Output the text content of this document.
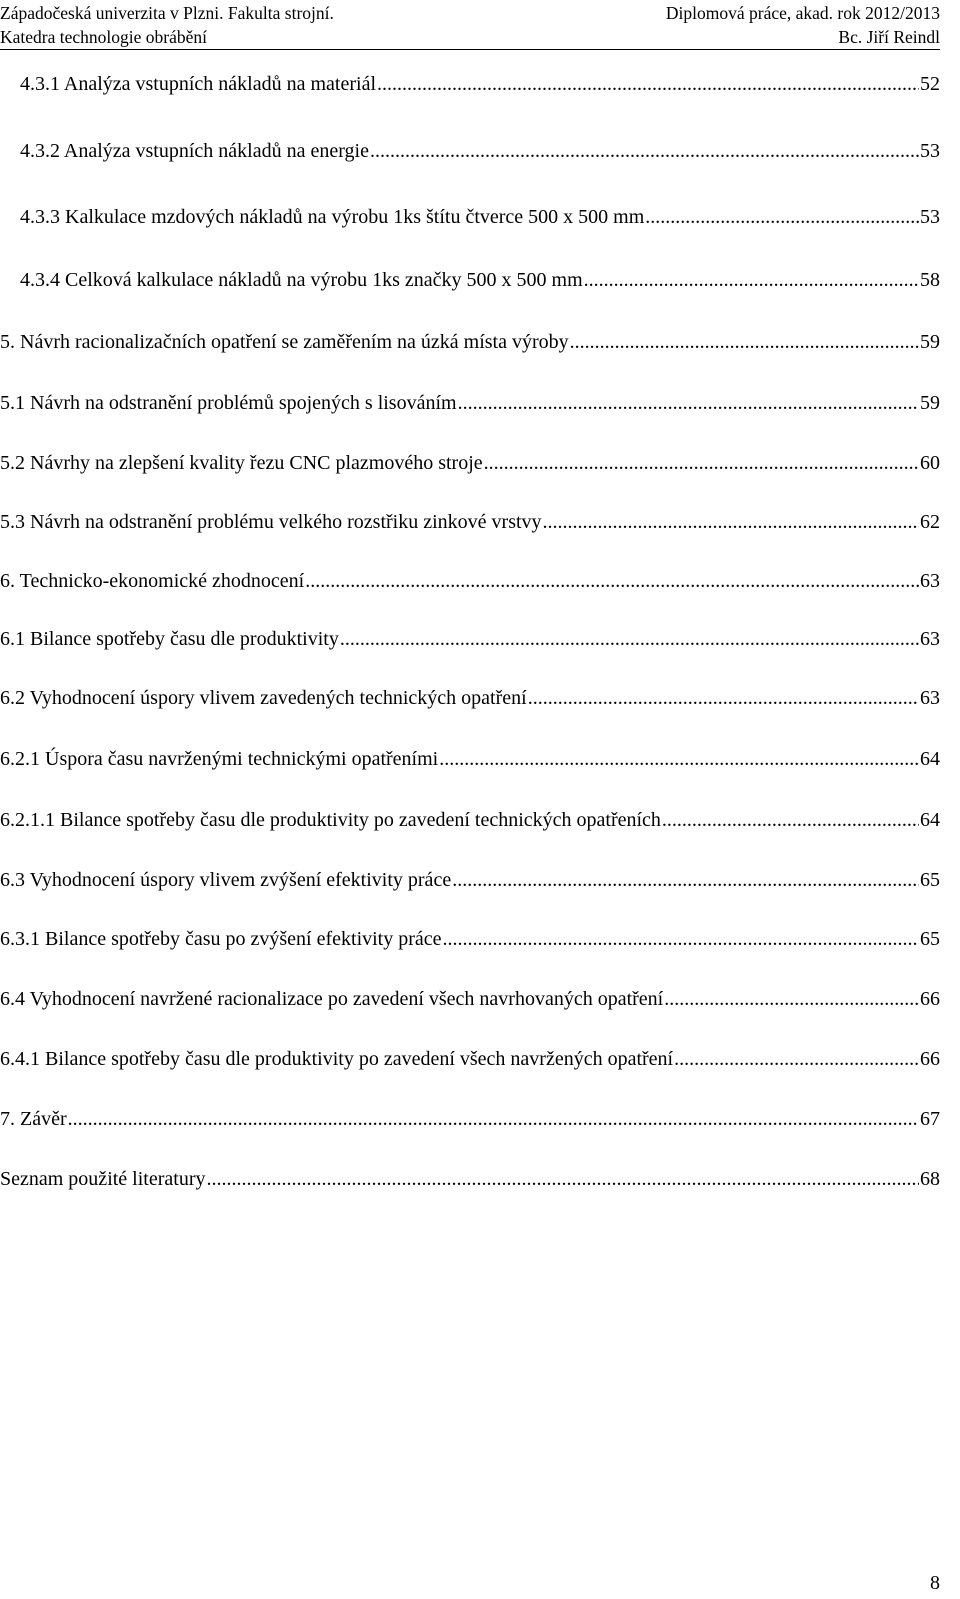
Západočeská univerzita v Plzni. Fakulta strojní.	Diplomová práce, akad. rok 2012/2013
Katedra technologie obrábění	Bc. Jiří Reindl
4.3.1 Analýza vstupních nákladů na materiál .....	52
4.3.2 Analýza vstupních nákladů na energie .....	53
4.3.3 Kalkulace mzdových nákladů na výrobu 1ks štítu čtverce 500 x 500 mm .....	53
4.3.4 Celková kalkulace nákladů na výrobu 1ks značky 500 x 500 mm .....	58
5. Návrh racionalizačních opatření se zaměřením na úzká místa výroby .....	59
5.1 Návrh na odstranění problémů spojených s lisováním .....	59
5.2 Návrhy na zlepšení kvality řezu CNC plazmového stroje .....	60
5.3 Návrh na odstranění problému velkého rozstřiku zinkové vrstvy .....	62
6. Technicko-ekonomické zhodnocení .....	63
6.1 Bilance spotřeby času dle produktivity .....	63
6.2 Vyhodnocení úspory vlivem zavedených technických opatření .....	63
6.2.1 Úspora času navrženými technickými opatřeními .....	64
6.2.1.1 Bilance spotřeby času dle produktivity po zavedení technických opatřeních .....	64
6.3 Vyhodnocení úspory vlivem zvýšení efektivity práce .....	65
6.3.1 Bilance spotřeby času po zvýšení efektivity práce .....	65
6.4 Vyhodnocení navržené racionalizace po zavedení všech navrhovaných opatření .....	66
6.4.1 Bilance spotřeby času dle produktivity po zavedení všech navržených opatření .....	66
7. Závěr .....	67
Seznam použité literatury .....	68
8
